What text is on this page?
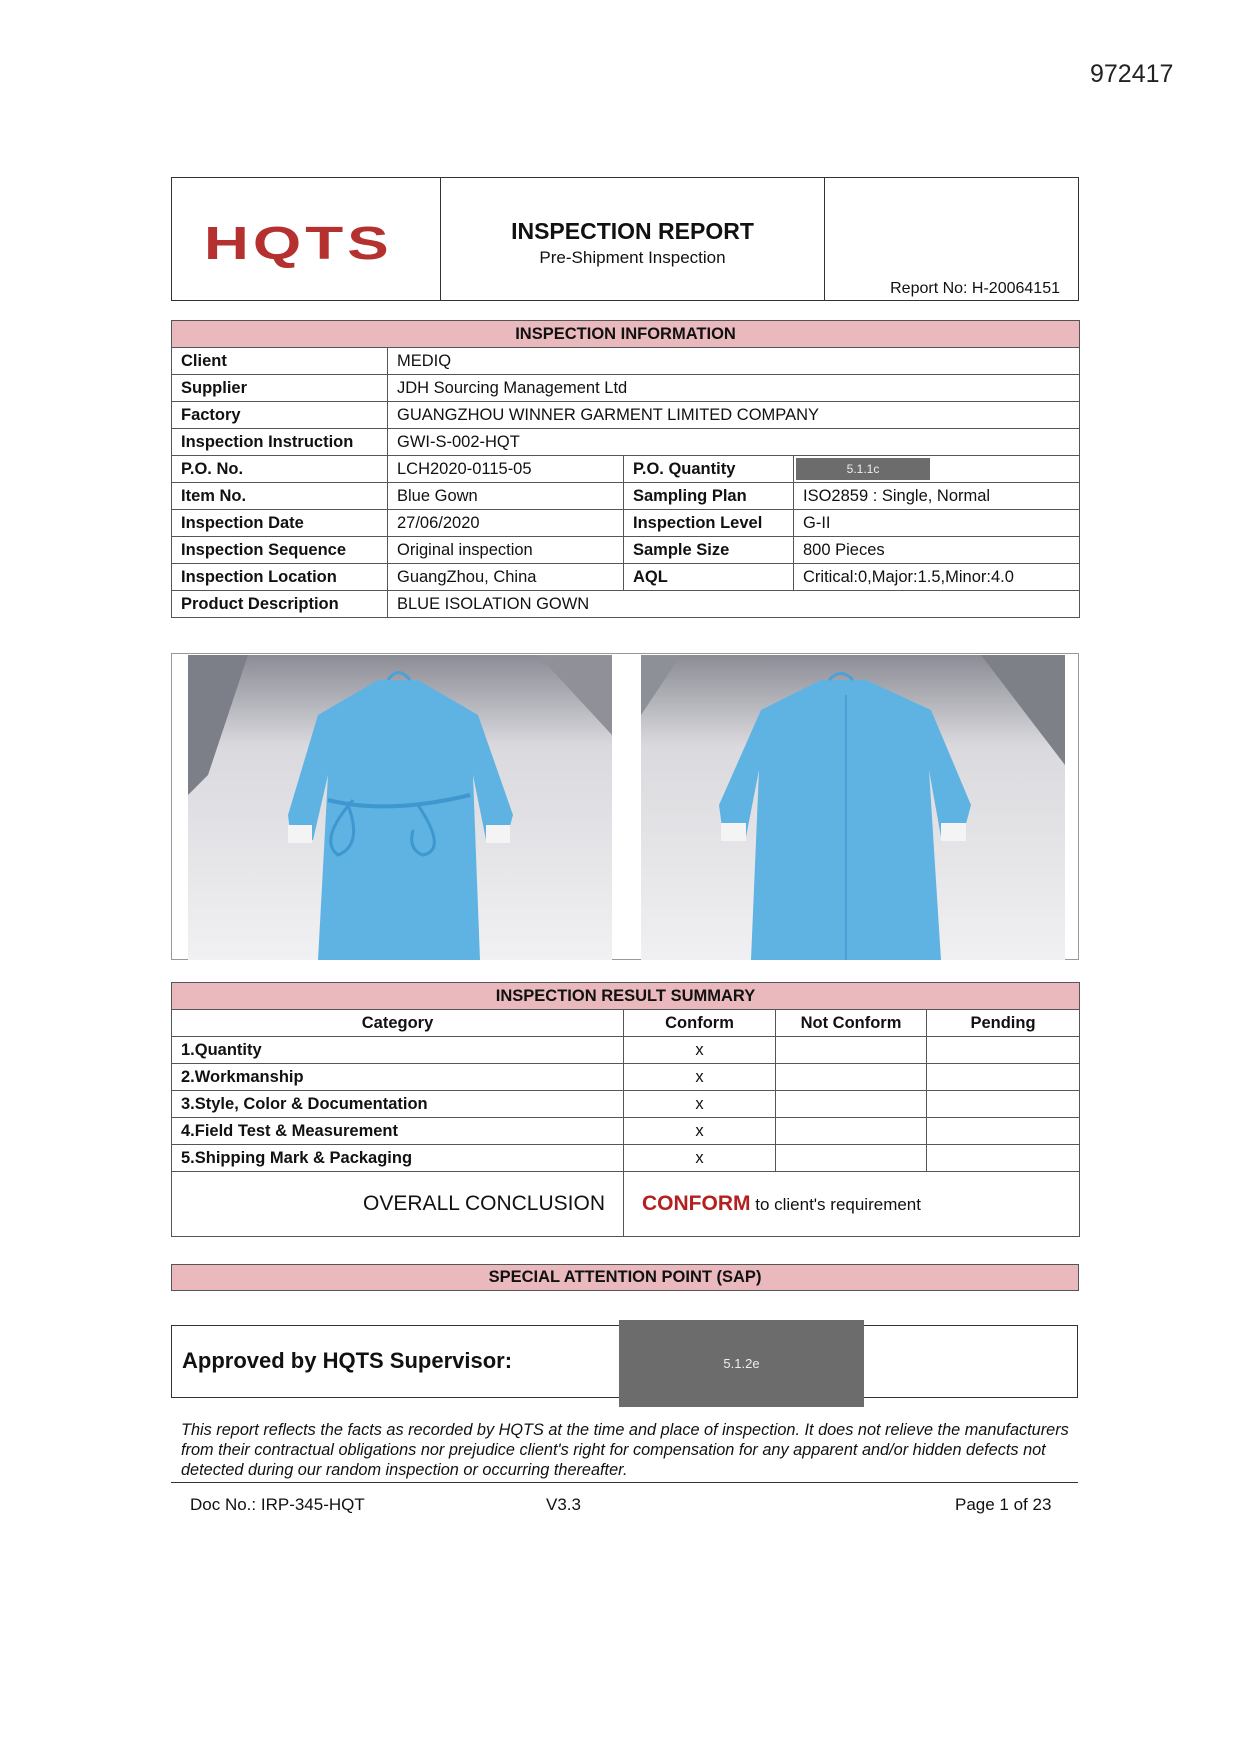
972417
HQTS	INSPECTION REPORT
Pre-Shipment Inspection
Report No: H-20064151
INSPECTION INFORMATION			
Client	MEDIQ		
Supplier	JDH Sourcing Management Ltd		
Factory	GUANGZHOU WINNER GARMENT LIMITED COMPANY		
Inspection Instruction	GWI-S-002-HQT		
P.O. No.	LCH2020-0115-05	P.O. Quantity	5.1.1c
Item No.	Blue Gown	Sampling Plan	ISO2859 : Single, Normal
Inspection Date	27/06/2020	Inspection Level	G-II
Inspection Sequence	Original inspection	Sample Size	800 Pieces
Inspection Location	GuangZhou, China	AQL	Critical:0,Major:1.5,Minor:4.0
Product Description	BLUE ISOLATION GOWN		
INSPECTION RESULT SUMMARY			
Category	Conform	Not Conform	Pending
1.Quantity	x		
2.Workmanship	x		
3.Style, Color & Documentation	x		
4.Field Test & Measurement	x		
5.Shipping Mark & Packaging	x		
OVERALL CONCLUSION	CONFORM to client's requirement		
SPECIAL ATTENTION POINT (SAP)
Approved by HQTS Supervisor:	5.1.2e
This report reflects the facts as recorded by HQTS at the time and place of inspection. It does not relieve the manufacturers from their contractual obligations nor prejudice client's right for compensation for any apparent and/or hidden defects not detected during our random inspection or occurring thereafter.
Doc No.: IRP-345-HQT	V3.3	Page 1 of 23
